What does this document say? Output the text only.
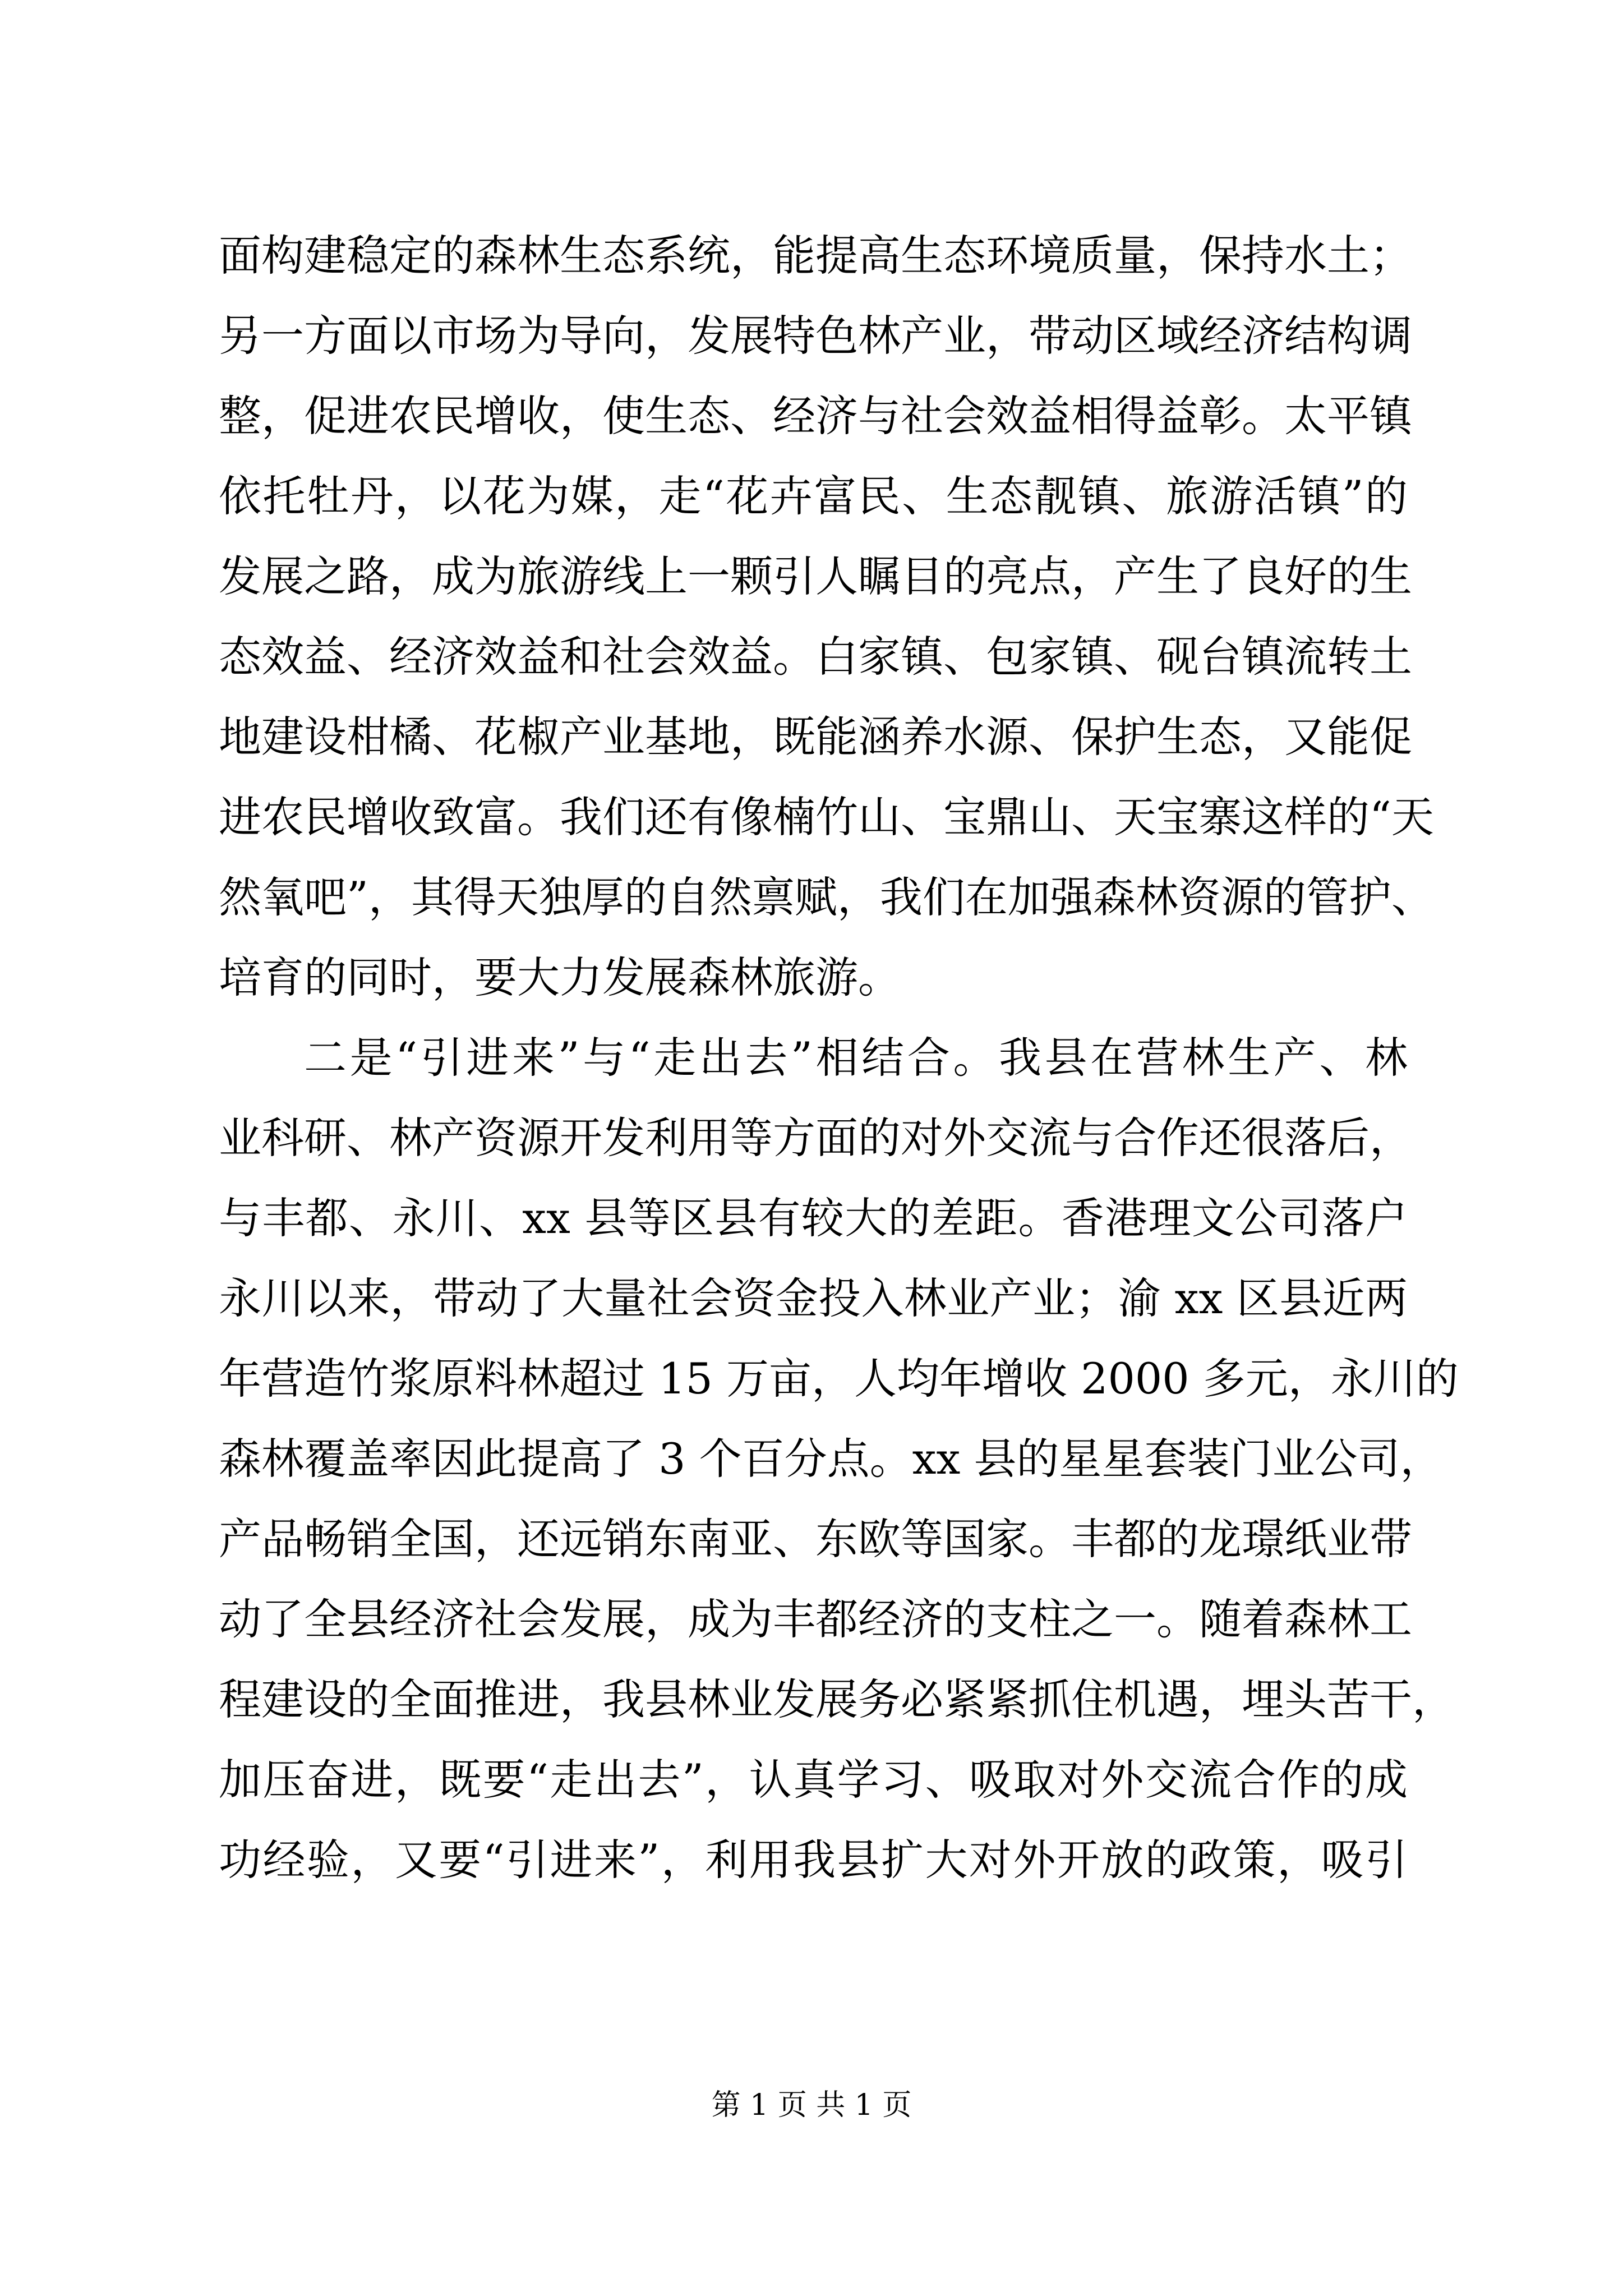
面构建稳定的森林生态系统，能提高生态环境质量，保持水土；
另一方面以市场为导向，发展特色林产业，带动区域经济结构调
整，促进农民增收，使生态、经济与社会效益相得益彰。太平镇
依托牡丹，以花为媒，走“花卉富民、生态靓镇、旅游活镇”的
发展之路，成为旅游线上一颗引人瞩目的亮点，产生了良好的生
态效益、经济效益和社会效益。白家镇、包家镇、砚台镇流转土
地建设柑橘、花椒产业基地，既能涵养水源、保护生态，又能促
进农民增收致富。我们还有像楠竹山、宝鼎山、天宝寨这样的“天
然氧吧”，其得天独厚的自然禀赋，我们在加强森林资源的管护、
培育的同时，要大力发展森林旅游。
二是“引进来”与“走出去”相结合。我县在营林生产、林
业科研、林产资源开发利用等方面的对外交流与合作还很落后，
与丰都、永川、xx 县等区县有较大的差距。香港理文公司落户
永川以来，带动了大量社会资金投入林业产业；渝 xx 区县近两
年营造竹浆原料林超过 15 万亩，人均年增收 2000 多元，永川的
森林覆盖率因此提高了 3 个百分点。xx 县的星星套装门业公司，
产品畅销全国，还远销东南亚、东欧等国家。丰都的龙璟纸业带
动了全县经济社会发展，成为丰都经济的支柱之一。随着森林工
程建设的全面推进，我县林业发展务必紧紧抓住机遇，埋头苦干，
加压奋进，既要“走出去”，认真学习、吸取对外交流合作的成
功经验，又要“引进来”，利用我县扩大对外开放的政策，吸引
第 1 页 共 1 页
